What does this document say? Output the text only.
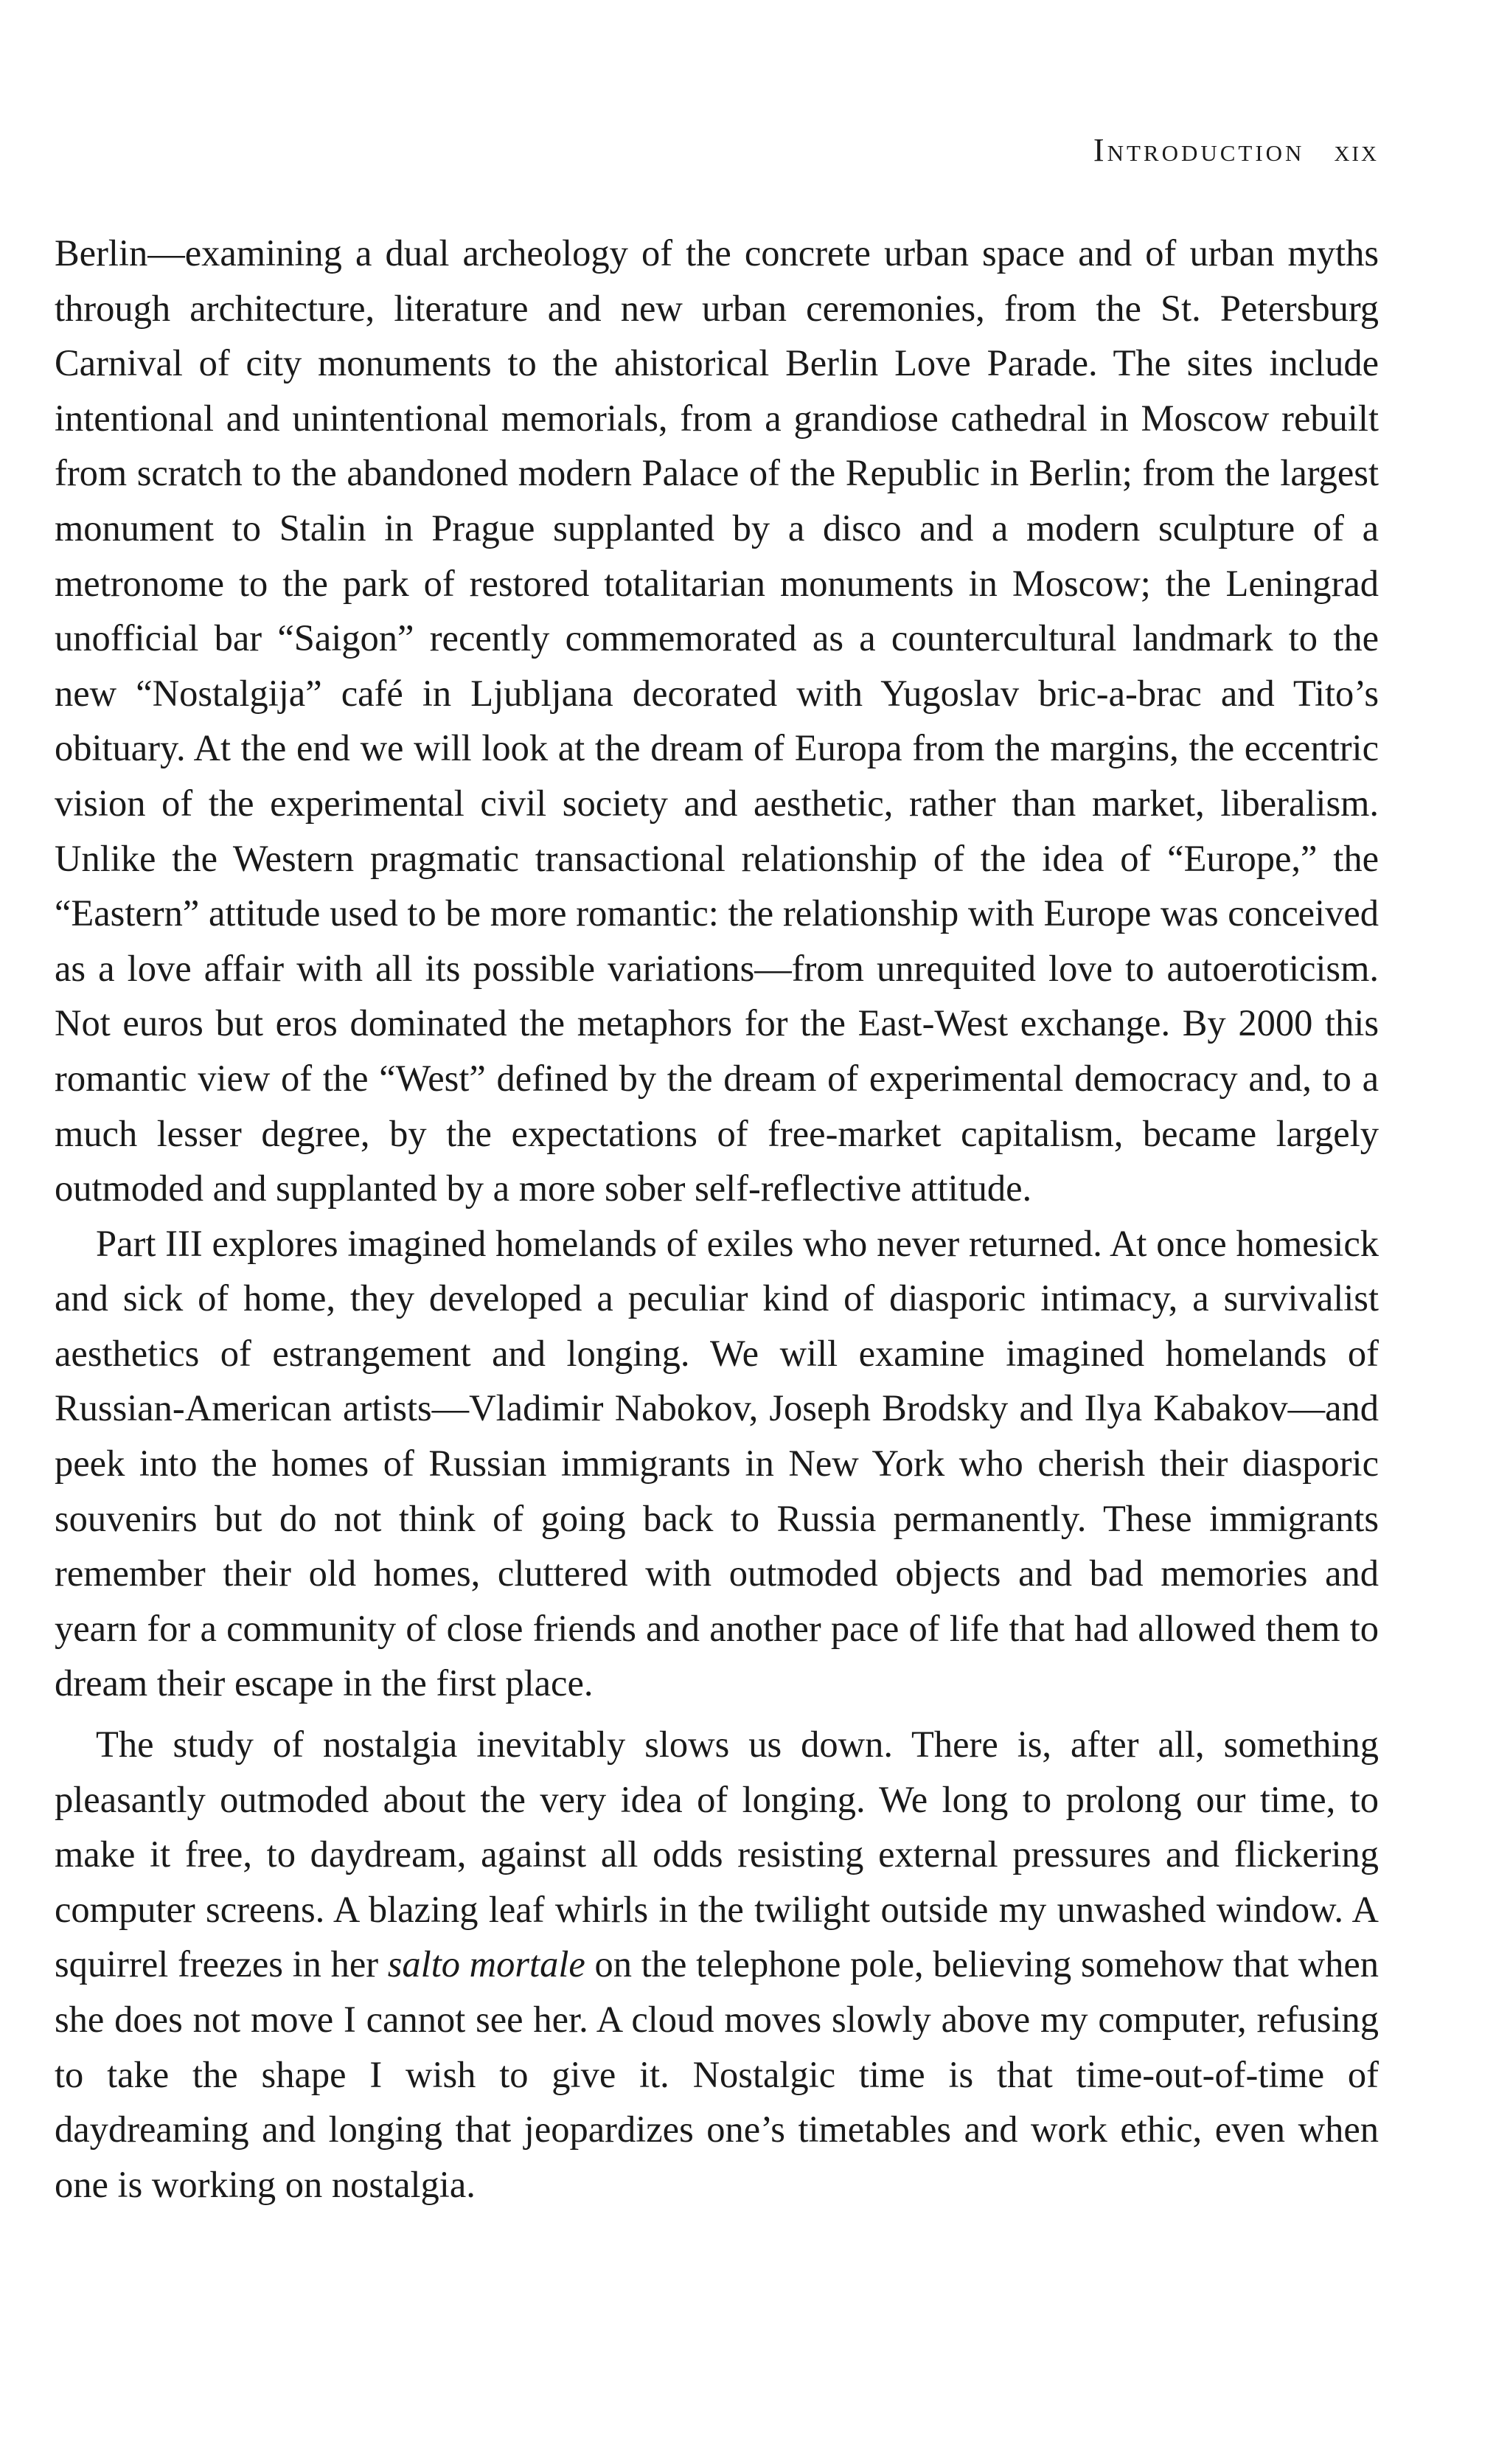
Introduction xix

Berlin—examining a dual archeology of the concrete urban space and of urban myths through architecture, literature and new urban ceremonies, from the St. Petersburg Carnival of city monuments to the ahistorical Berlin Love Parade. The sites include intentional and unintentional memorials, from a grandiose cathedral in Moscow rebuilt from scratch to the abandoned modern Palace of the Republic in Berlin; from the largest monument to Stalin in Prague supplanted by a disco and a modern sculpture of a metronome to the park of restored totalitarian monuments in Moscow; the Leningrad unofficial bar “Saigon” recently commemorated as a countercultural landmark to the new “Nostalgija” café in Ljubljana decorated with Yugoslav bric-a-brac and Tito’s obituary. At the end we will look at the dream of Europa from the margins, the eccentric vision of the experimental civil society and aesthetic, rather than market, liberalism. Unlike the Western pragmatic transactional relationship of the idea of “Europe,” the “Eastern” attitude used to be more romantic: the relationship with Europe was conceived as a love affair with all its possible variations—from unrequited love to autoeroticism. Not euros but eros dominated the metaphors for the East-West exchange. By 2000 this romantic view of the “West” defined by the dream of experimental democracy and, to a much lesser degree, by the expectations of free-market capitalism, became largely outmoded and supplanted by a more sober self-reflective attitude.

Part III explores imagined homelands of exiles who never returned. At once homesick and sick of home, they developed a peculiar kind of diasporic intimacy, a survivalist aesthetics of estrangement and longing. We will examine imagined homelands of Russian-American artists—Vladimir Nabokov, Joseph Brodsky and Ilya Kabakov—and peek into the homes of Russian immigrants in New York who cherish their diasporic souvenirs but do not think of going back to Russia permanently. These immigrants remember their old homes, cluttered with outmoded objects and bad memories and yearn for a community of close friends and another pace of life that had allowed them to dream their escape in the first place.

The study of nostalgia inevitably slows us down. There is, after all, something pleasantly outmoded about the very idea of longing. We long to prolong our time, to make it free, to daydream, against all odds resisting external pressures and flickering computer screens. A blazing leaf whirls in the twilight outside my unwashed window. A squirrel freezes in her salto mortale on the telephone pole, believing somehow that when she does not move I cannot see her. A cloud moves slowly above my computer, refusing to take the shape I wish to give it. Nostalgic time is that time-out-of-time of daydreaming and longing that jeopardizes one’s timetables and work ethic, even when one is working on nostalgia.
